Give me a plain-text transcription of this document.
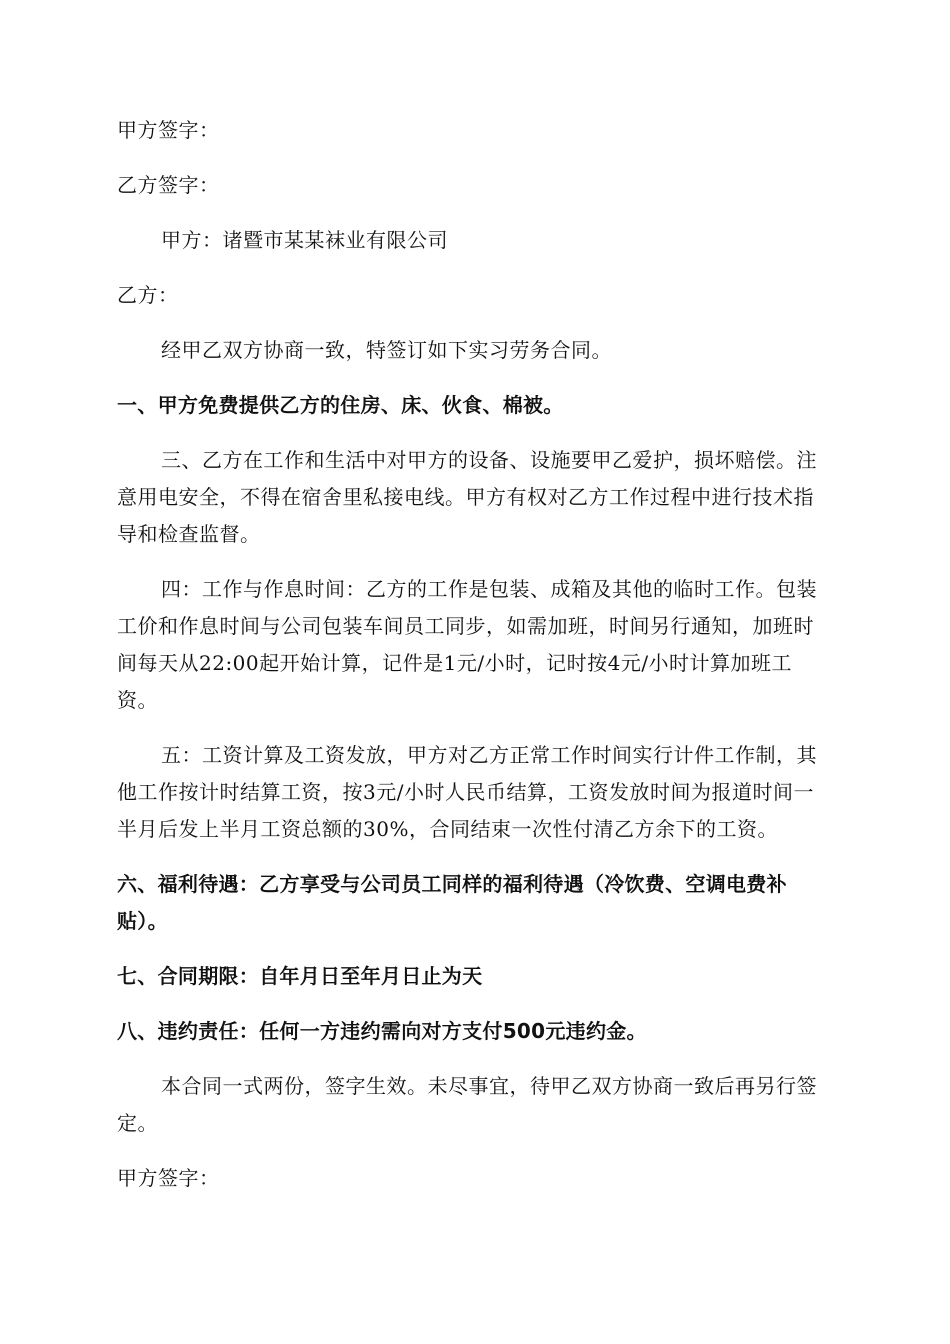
甲方签字：

乙方签字：

甲方：诸暨市某某袜业有限公司

乙方：

经甲乙双方协商一致，特签订如下实习劳务合同。

一、甲方免费提供乙方的住房、床、伙食、棉被。

三、乙方在工作和生活中对甲方的设备、设施要甲乙爱护，损坏赔偿。注意用电安全，不得在宿舍里私接电线。甲方有权对乙方工作过程中进行技术指导和检查监督。

四：工作与作息时间：乙方的工作是包装、成箱及其他的临时工作。包装工价和作息时间与公司包装车间员工同步，如需加班，时间另行通知，加班时间每天从22:00起开始计算，记件是1元/小时，记时按4元/小时计算加班工资。

五：工资计算及工资发放，甲方对乙方正常工作时间实行计件工作制，其他工作按计时结算工资，按3元/小时人民币结算，工资发放时间为报道时间一半月后发上半月工资总额的30%，合同结束一次性付清乙方余下的工资。

六、福利待遇：乙方享受与公司员工同样的福利待遇（冷饮费、空调电费补贴）。

七、合同期限：自年月日至年月日止为天

八、违约责任：任何一方违约需向对方支付500元违约金。

本合同一式两份，签字生效。未尽事宜，待甲乙双方协商一致后再另行签定。

甲方签字：
